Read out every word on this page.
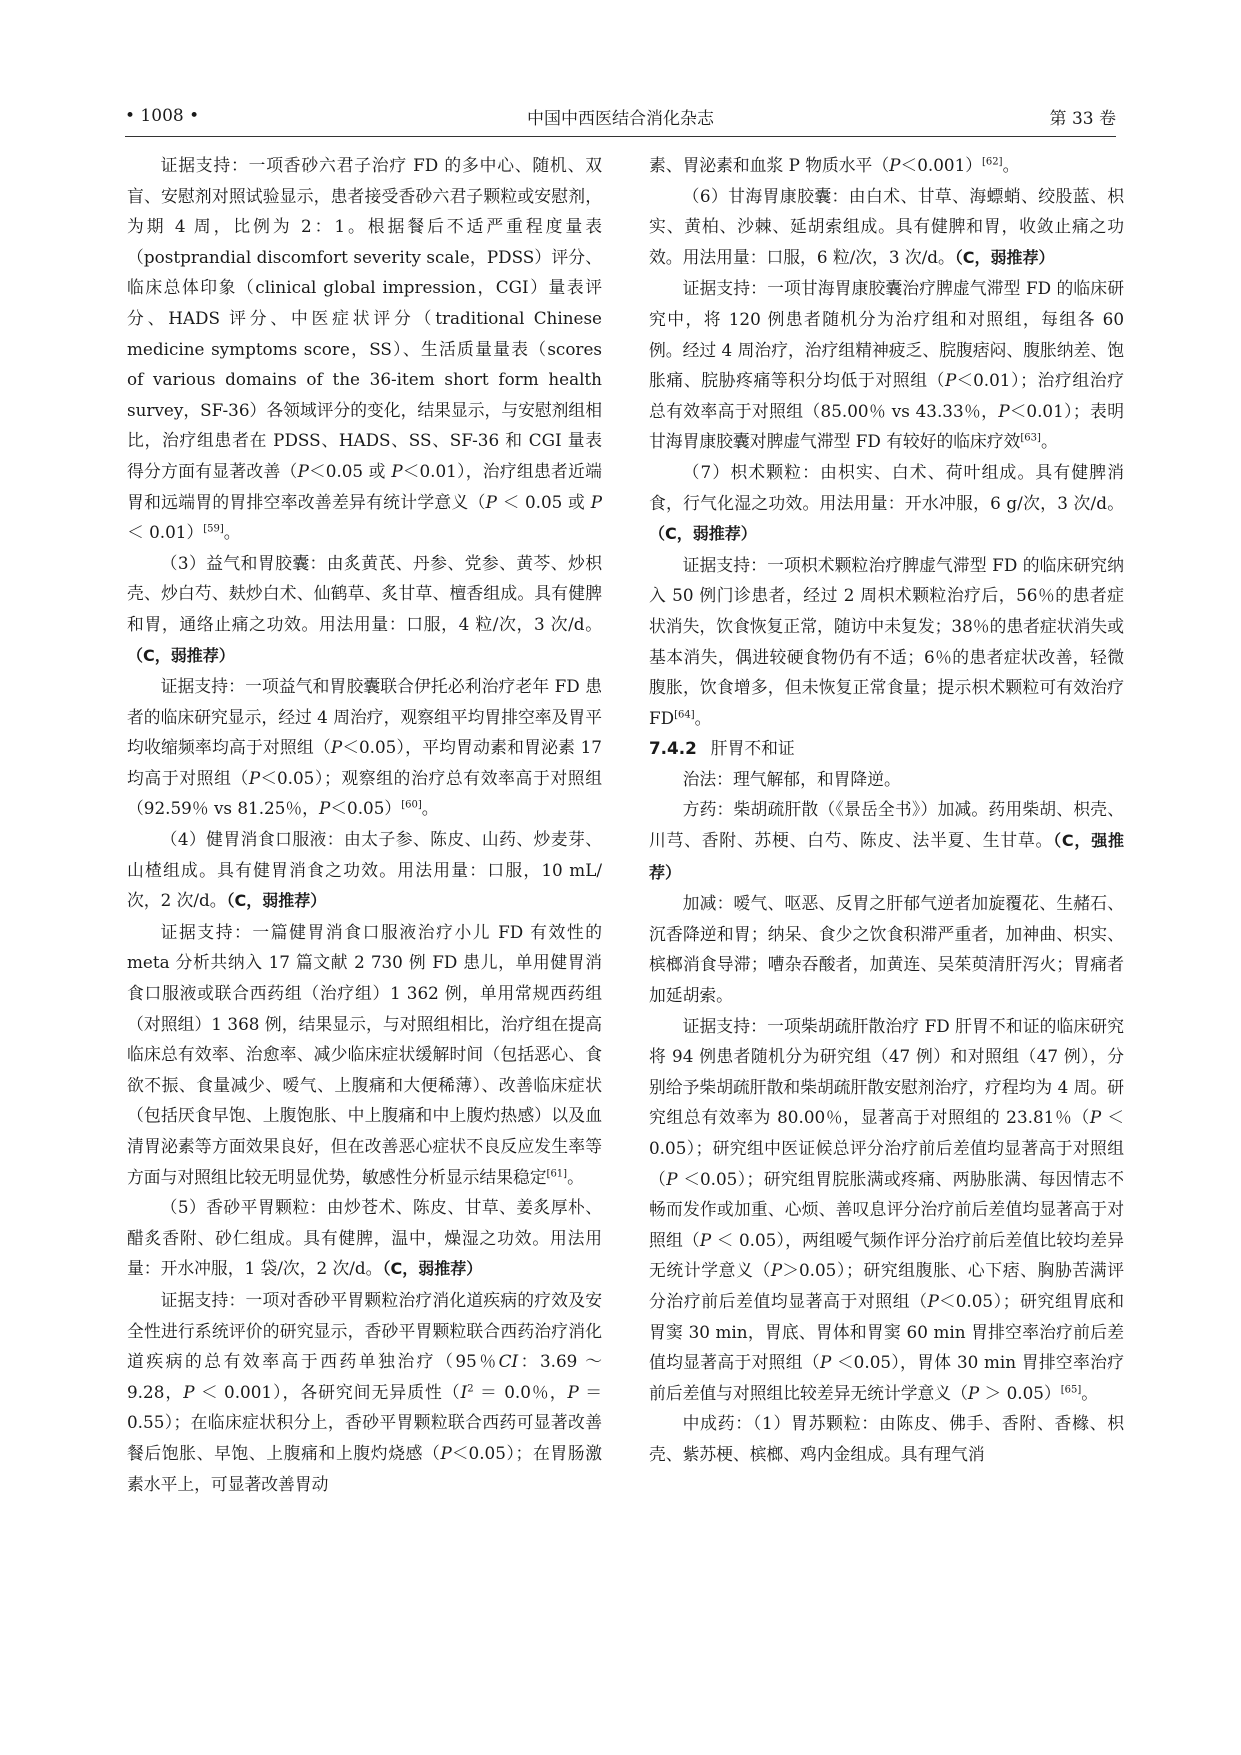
• 1008 •	中国中西医结合消化杂志	第 33 卷

证据支持：一项香砂六君子治疗 FD 的多中心、随机、双盲、安慰剂对照试验显示，患者接受香砂六君子颗粒或安慰剂，为期 4 周，比例为 2：1。根据餐后不适严重程度量表（postprandial discomfort severity scale，PDSS）评分、临床总体印象（clinical global impression，CGI）量表评分、HADS 评分、中医症状评分（traditional Chinese medicine symptoms score，SS）、生活质量量表（scores of various domains of the 36-item short form health survey，SF-36）各领域评分的变化，结果显示，与安慰剂组相比，治疗组患者在 PDSS、HADS、SS、SF-36 和 CGI 量表得分方面有显著改善（P＜0.05 或 P＜0.01），治疗组患者近端胃和远端胃的胃排空率改善差异有统计学意义（P ＜ 0.05 或 P ＜ 0.01）[59]。

（3）益气和胃胶囊：由炙黄芪、丹参、党参、黄芩、炒枳壳、炒白芍、麸炒白术、仙鹤草、炙甘草、檀香组成。具有健脾和胃，通络止痛之功效。用法用量：口服，4 粒/次，3 次/d。（C，弱推荐）

证据支持：一项益气和胃胶囊联合伊托必利治疗老年 FD 患者的临床研究显示，经过 4 周治疗，观察组平均胃排空率及胃平均收缩频率均高于对照组（P＜0.05），平均胃动素和胃泌素 17 均高于对照组（P＜0.05）；观察组的治疗总有效率高于对照组（92.59％ vs 81.25％，P＜0.05）[60]。

（4）健胃消食口服液：由太子参、陈皮、山药、炒麦芽、山楂组成。具有健胃消食之功效。用法用量：口服，10 mL/次，2 次/d。（C，弱推荐）

证据支持：一篇健胃消食口服液治疗小儿 FD 有效性的 meta 分析共纳入 17 篇文献 2 730 例 FD 患儿，单用健胃消食口服液或联合西药组（治疗组）1 362 例，单用常规西药组（对照组）1 368 例，结果显示，与对照组相比，治疗组在提高临床总有效率、治愈率、减少临床症状缓解时间（包括恶心、食欲不振、食量减少、嗳气、上腹痛和大便稀薄）、改善临床症状（包括厌食早饱、上腹饱胀、中上腹痛和中上腹灼热感）以及血清胃泌素等方面效果良好，但在改善恶心症状不良反应发生率等方面与对照组比较无明显优势，敏感性分析显示结果稳定[61]。

（5）香砂平胃颗粒：由炒苍术、陈皮、甘草、姜炙厚朴、醋炙香附、砂仁组成。具有健脾，温中，燥湿之功效。用法用量：开水冲服，1 袋/次，2 次/d。（C，弱推荐）

证据支持：一项对香砂平胃颗粒治疗消化道疾病的疗效及安全性进行系统评价的研究显示，香砂平胃颗粒联合西药治疗消化道疾病的总有效率高于西药单独治疗（95％CI：3.69 ～ 9.28，P ＜ 0.001），各研究间无异质性（$I^2 = 0.0$％，P ＝ 0.55）；在临床症状积分上，香砂平胃颗粒联合西药可显著改善餐后饱胀、早饱、上腹痛和上腹灼烧感（P＜0.05）；在胃肠激素水平上，可显著改善胃动

素、胃泌素和血浆 P 物质水平（P＜0.001）[62]。

（6）甘海胃康胶囊：由白术、甘草、海螵蛸、绞股蓝、枳实、黄柏、沙棘、延胡索组成。具有健脾和胃，收敛止痛之功效。用法用量：口服，6 粒/次，3 次/d。（C，弱推荐）

证据支持：一项甘海胃康胶囊治疗脾虚气滞型 FD 的临床研究中，将 120 例患者随机分为治疗组和对照组，每组各 60 例。经过 4 周治疗，治疗组精神疲乏、脘腹痞闷、腹胀纳差、饱胀痛、脘胁疼痛等积分均低于对照组（P＜0.01）；治疗组治疗总有效率高于对照组（85.00％ vs 43.33％，P＜0.01）；表明甘海胃康胶囊对脾虚气滞型 FD 有较好的临床疗效[63]。

（7）枳术颗粒：由枳实、白术、荷叶组成。具有健脾消食，行气化湿之功效。用法用量：开水冲服，6 g/次，3 次/d。（C，弱推荐）

证据支持：一项枳术颗粒治疗脾虚气滞型 FD 的临床研究纳入 50 例门诊患者，经过 2 周枳术颗粒治疗后，56％的患者症状消失，饮食恢复正常，随访中未复发；38％的患者症状消失或基本消失，偶进较硬食物仍有不适；6％的患者症状改善，轻微腹胀，饮食增多，但未恢复正常食量；提示枳术颗粒可有效治疗 FD[64]。

7.4.2 肝胃不和证

治法：理气解郁，和胃降逆。

方药：柴胡疏肝散（《景岳全书》）加减。药用柴胡、枳壳、川芎、香附、苏梗、白芍、陈皮、法半夏、生甘草。（C，强推荐）

加减：嗳气、呕恶、反胃之肝郁气逆者加旋覆花、生赭石、沉香降逆和胃；纳呆、食少之饮食积滞严重者，加神曲、枳实、槟榔消食导滞；嘈杂吞酸者，加黄连、吴茱萸清肝泻火；胃痛者加延胡索。

证据支持：一项柴胡疏肝散治疗 FD 肝胃不和证的临床研究将 94 例患者随机分为研究组（47 例）和对照组（47 例），分别给予柴胡疏肝散和柴胡疏肝散安慰剂治疗，疗程均为 4 周。研究组总有效率为 80.00％，显著高于对照组的 23.81％（P ＜ 0.05）；研究组中医证候总评分治疗前后差值均显著高于对照组（P ＜0.05）；研究组胃脘胀满或疼痛、两胁胀满、每因情志不畅而发作或加重、心烦、善叹息评分治疗前后差值均显著高于对照组（P ＜ 0.05），两组嗳气频作评分治疗前后差值比较均差异无统计学意义（P＞0.05）；研究组腹胀、心下痞、胸胁苦满评分治疗前后差值均显著高于对照组（P＜0.05）；研究组胃底和胃窦 30 min，胃底、胃体和胃窦 60 min 胃排空率治疗前后差值均显著高于对照组（P ＜0.05），胃体 30 min 胃排空率治疗前后差值与对照组比较差异无统计学意义（P ＞ 0.05）[65]。

中成药：（1）胃苏颗粒：由陈皮、佛手、香附、香橼、枳壳、紫苏梗、槟榔、鸡内金组成。具有理气消
